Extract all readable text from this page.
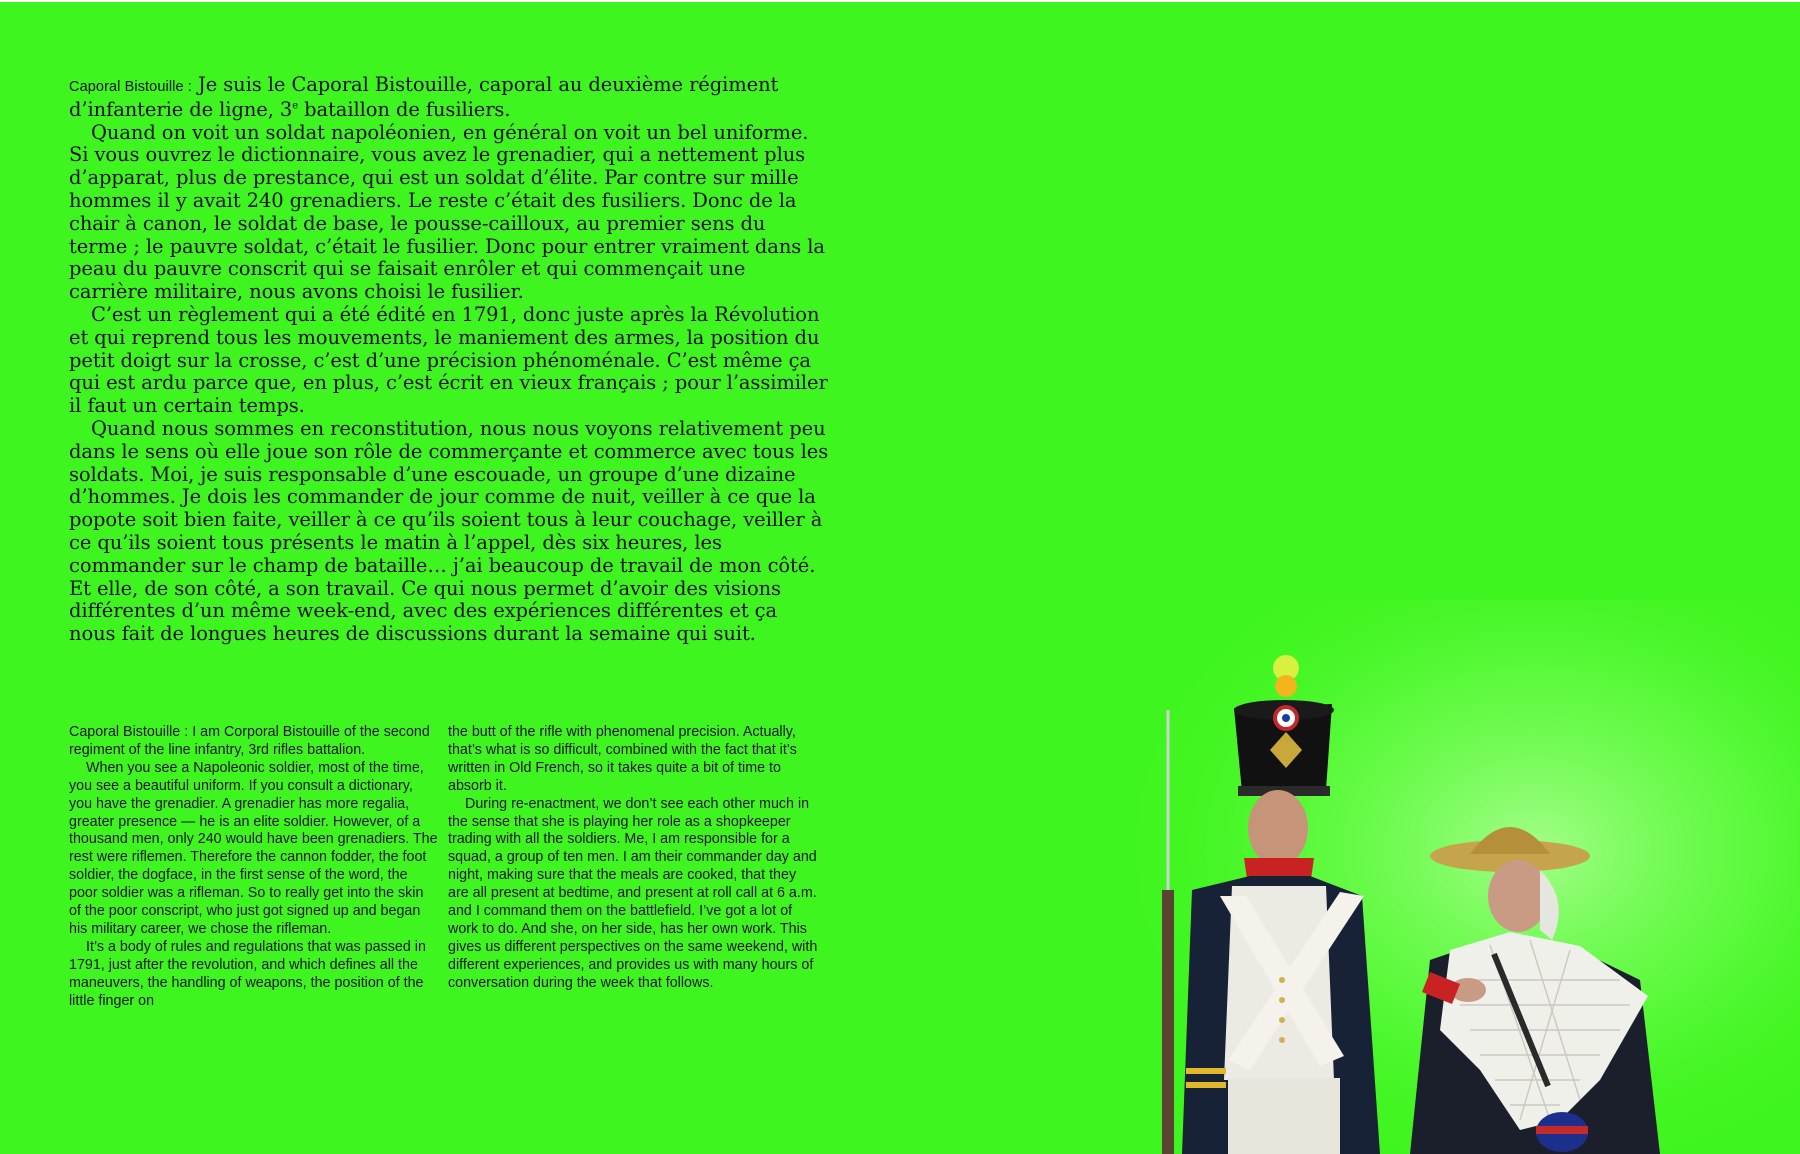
Caporal Bistouille : Je suis le Caporal Bistouille, caporal au deuxième régiment d’infanterie de ligne, 3e bataillon de fusiliers.

Quand on voit un soldat napoléonien, en général on voit un bel uniforme. Si vous ouvrez le dictionnaire, vous avez le grenadier, qui a nettement plus d’apparat, plus de prestance, qui est un soldat d’élite. Par contre sur mille hommes il y avait 240 grenadiers. Le reste c’était des fusiliers. Donc de la chair à canon, le soldat de base, le pousse-cailloux, au premier sens du terme ; le pauvre soldat, c’était le fusilier. Donc pour entrer vraiment dans la peau du pauvre conscrit qui se faisait enrôler et qui commençait une carrière militaire, nous avons choisi le fusilier.

C’est un règlement qui a été édité en 1791, donc juste après la Révolution et qui reprend tous les mouvements, le maniement des armes, la position du petit doigt sur la crosse, c’est d’une précision phénoménale. C’est même ça qui est ardu parce que, en plus, c’est écrit en vieux français ; pour l’assimiler il faut un certain temps.

Quand nous sommes en reconstitution, nous nous voyons relativement peu dans le sens où elle joue son rôle de commerçante et commerce avec tous les soldats. Moi, je suis responsable d’une escouade, un groupe d’une dizaine d’hommes. Je dois les commander de jour comme de nuit, veiller à ce que la popote soit bien faite, veiller à ce qu’ils soient tous à leur couchage, veiller à ce qu’ils soient tous présents le matin à l’appel, dès six heures, les commander sur le champ de bataille… j’ai beaucoup de travail de mon côté. Et elle, de son côté, a son travail. Ce qui nous permet d’avoir des visions différentes d’un même week-end, avec des expériences différentes et ça nous fait de longues heures de discussions durant la semaine qui suit.

Caporal Bistouille : I am Corporal Bistouille of the second regiment of the line infantry, 3rd rifles battalion.

When you see a Napoleonic soldier, most of the time, you see a beautiful uniform. If you consult a dictionary, you have the grenadier. A grenadier has more regalia, greater presence — he is an elite soldier. However, of a thousand men, only 240 would have been grenadiers. The rest were riflemen. Therefore the cannon fodder, the foot soldier, the dogface, in the first sense of the word, the poor soldier was a rifleman. So to really get into the skin of the poor conscript, who just got signed up and began his military career, we chose the rifleman.

It’s a body of rules and regulations that was passed in 1791, just after the revolution, and which defines all the maneuvers, the handling of weapons, the position of the little finger on

the butt of the rifle with phenomenal precision. Actually, that’s what is so difficult, combined with the fact that it’s written in Old French, so it takes quite a bit of time to absorb it.

During re-enactment, we don’t see each other much in the sense that she is playing her role as a shopkeeper trading with all the soldiers. Me, I am responsible for a squad, a group of ten men. I am their commander day and night, making sure that the meals are cooked, that they are all present at bedtime, and present at roll call at 6 a.m. and I command them on the battlefield. I’ve got a lot of work to do. And she, on her side, has her own work. This gives us different perspectives on the same weekend, with different experiences, and provides us with many hours of conversation during the week that follows.
